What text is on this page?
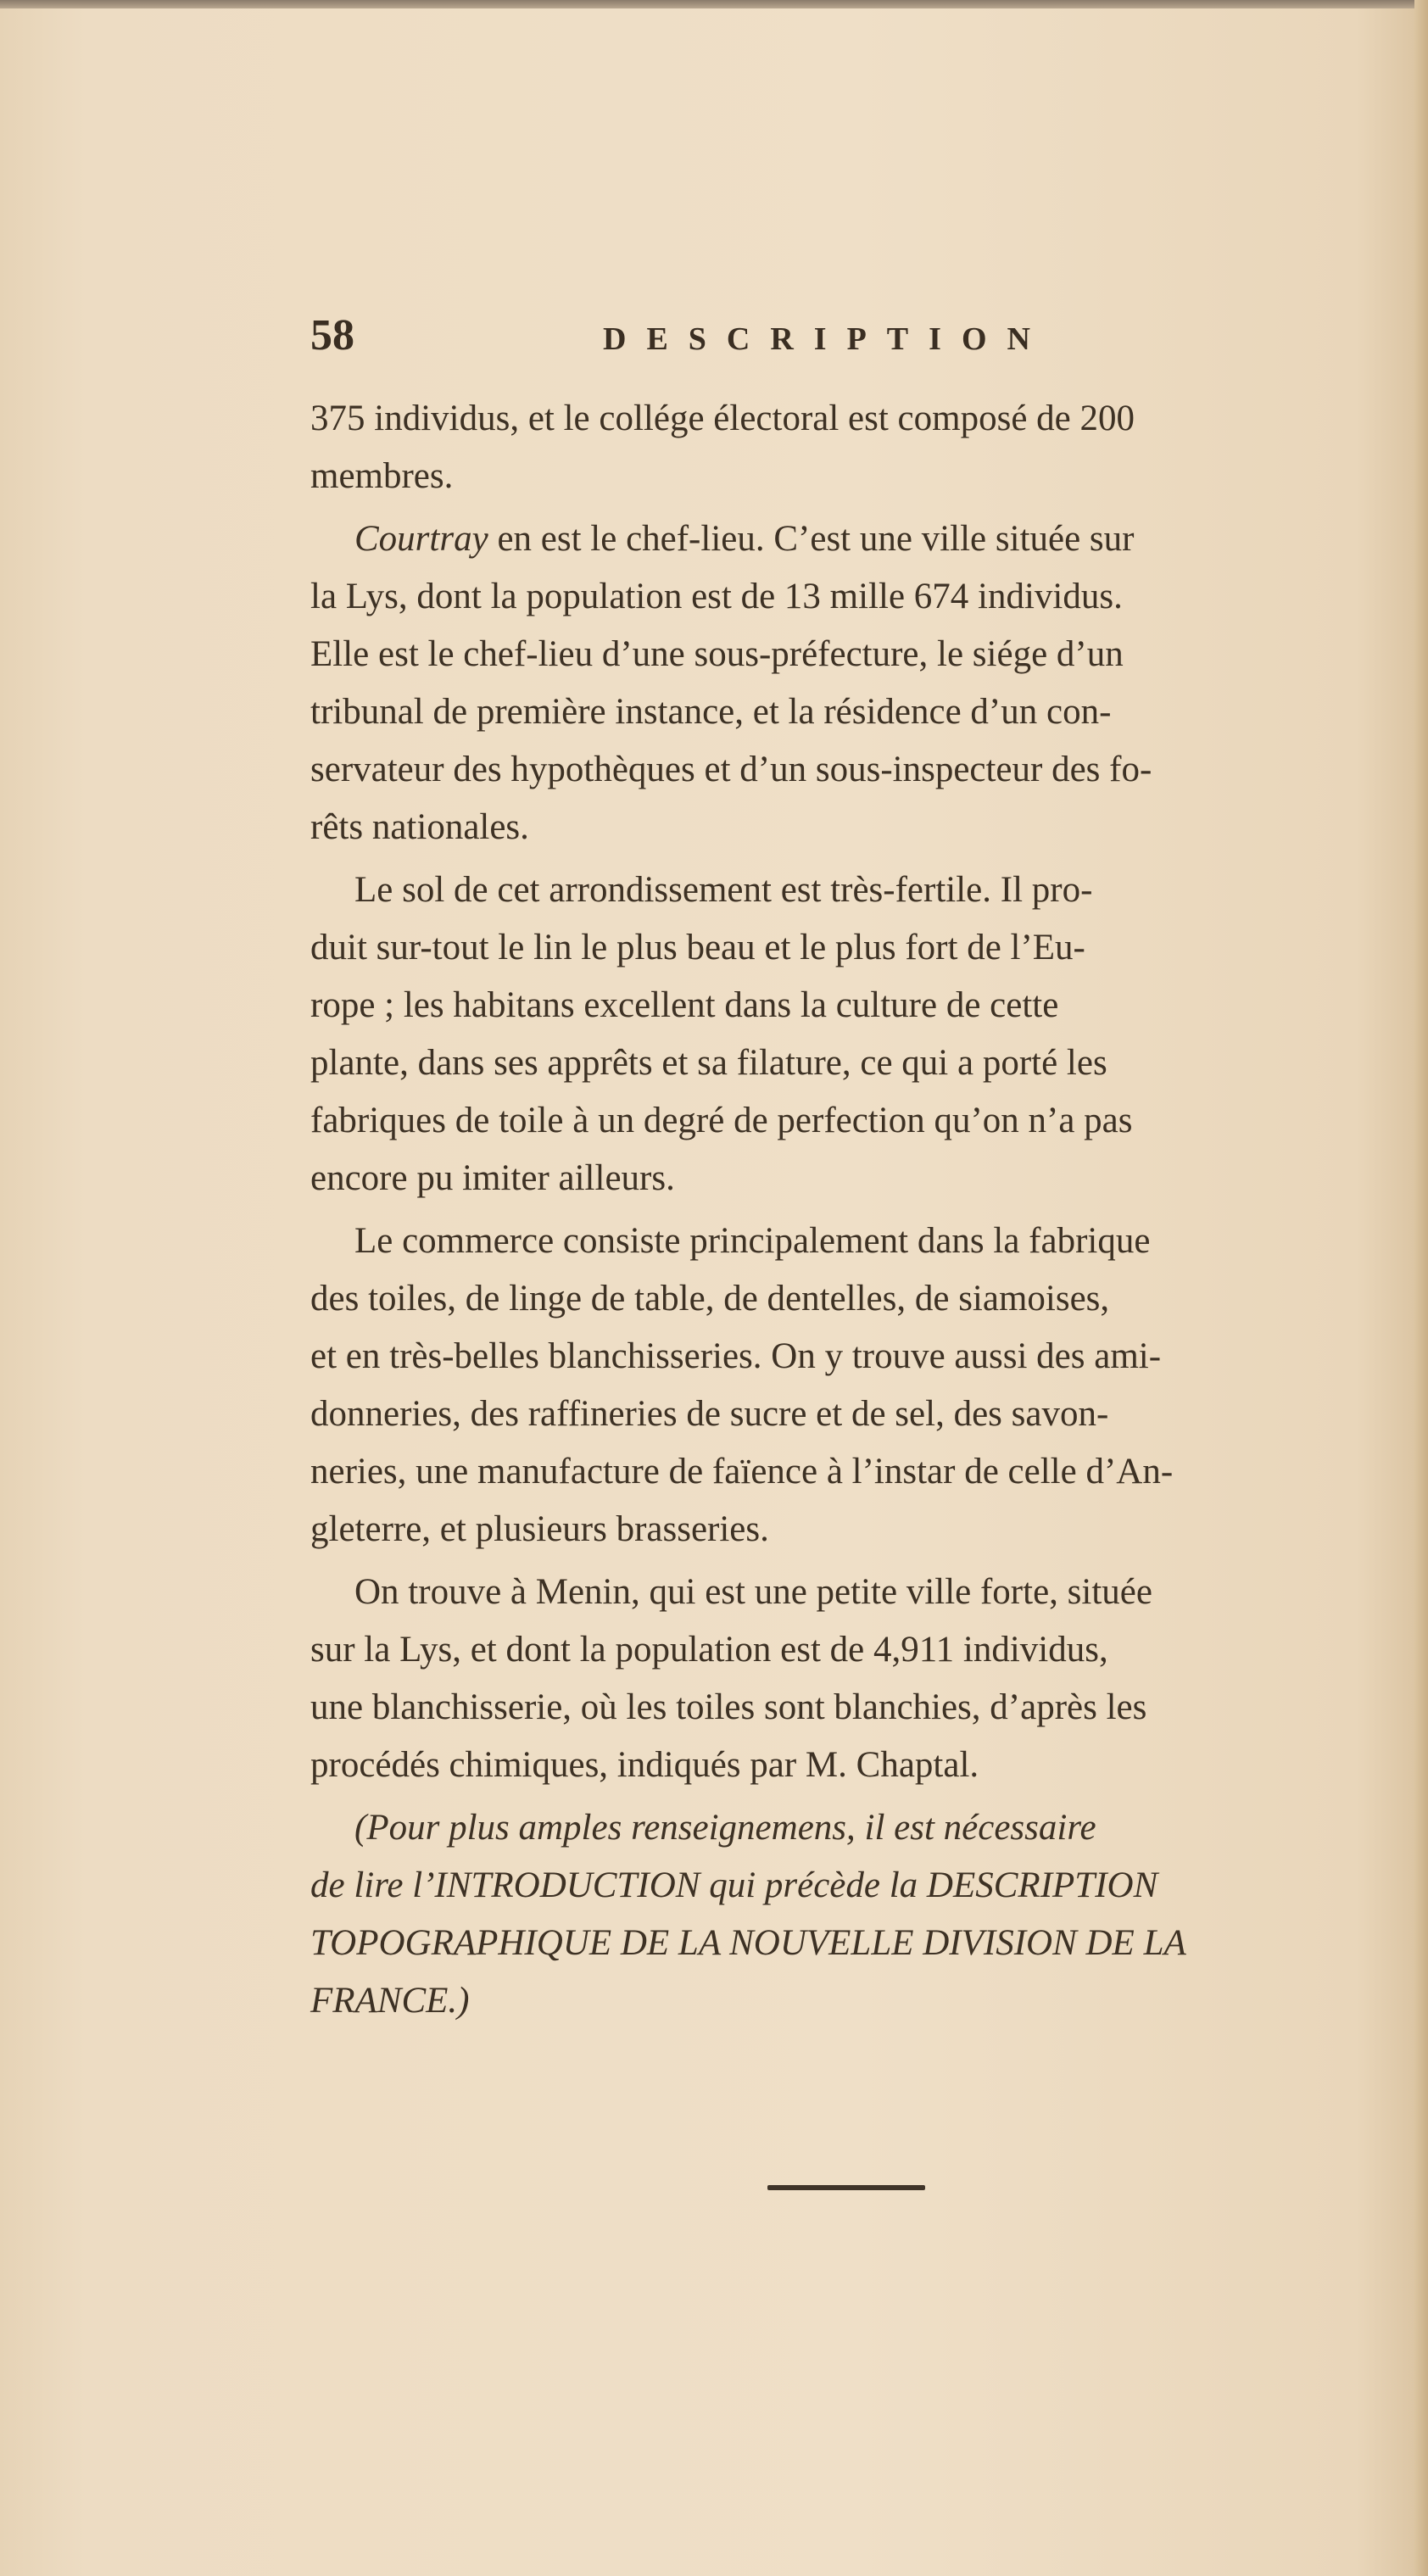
58	DESCRIPTION
375 individus, et le collége électoral est composé de 200
membres.
Courtray en est le chef-lieu. C’est une ville située sur
la Lys, dont la population est de 13 mille 674 individus.
Elle est le chef-lieu d’une sous-préfecture, le siége d’un
tribunal de première instance, et la résidence d’un con-
servateur des hypothèques et d’un sous-inspecteur des fo-
rêts nationales.
Le sol de cet arrondissement est très-fertile. Il pro-
duit sur-tout le lin le plus beau et le plus fort de l’Eu-
rope ; les habitans excellent dans la culture de cette
plante, dans ses apprêts et sa filature, ce qui a porté les
fabriques de toile à un degré de perfection qu’on n’a pas
encore pu imiter ailleurs.
Le commerce consiste principalement dans la fabrique
des toiles, de linge de table, de dentelles, de siamoises,
et en très-belles blanchisseries. On y trouve aussi des ami-
donneries, des raffineries de sucre et de sel, des savon-
neries, une manufacture de faïence à l’instar de celle d’An-
gleterre, et plusieurs brasseries.
On trouve à Menin, qui est une petite ville forte, située
sur la Lys, et dont la population est de 4,911 individus,
une blanchisserie, où les toiles sont blanchies, d’après les
procédés chimiques, indiqués par M. Chaptal.
(Pour plus amples renseignemens, il est nécessaire
de lire l’INTRODUCTION qui précède la DESCRIPTION
TOPOGRAPHIQUE DE LA NOUVELLE DIVISION DE LA
FRANCE.)
